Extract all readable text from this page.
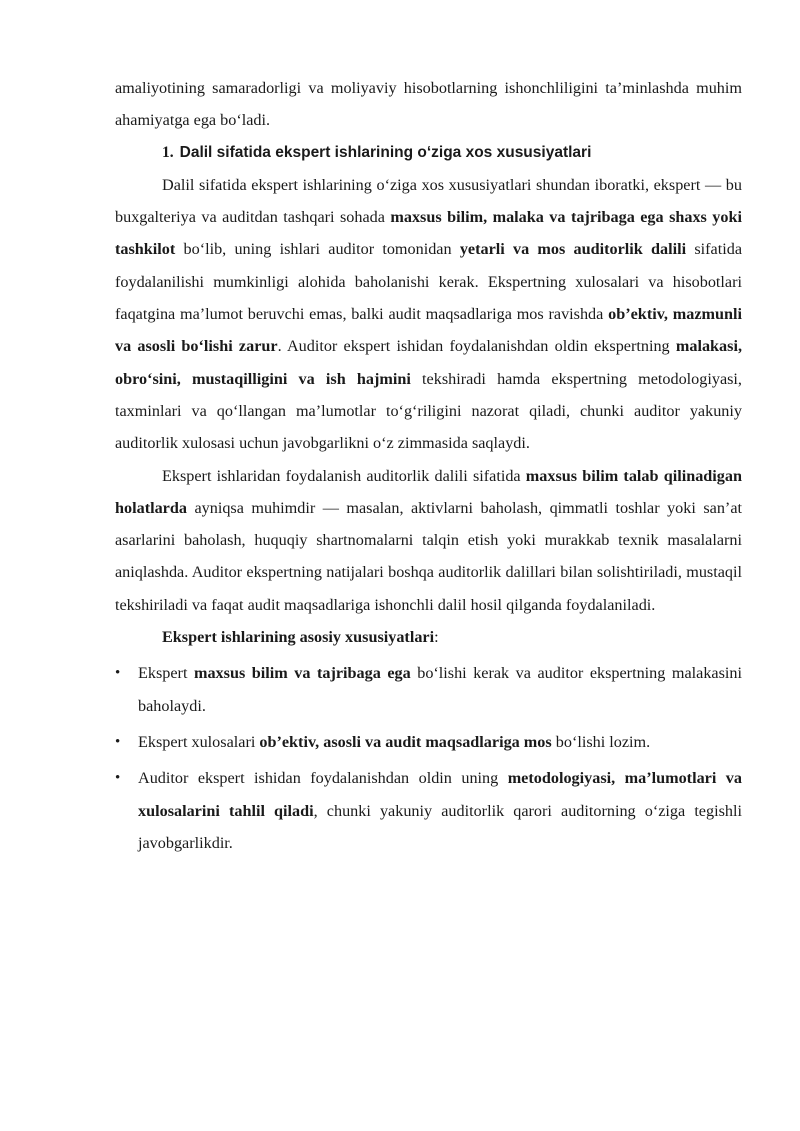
amaliyotining samaradorligi va moliyaviy hisobotlarning ishonchliligini ta’minlashda muhim ahamiyatga ega bo‘ladi.

1. Dalil sifatida ekspert ishlarining o‘ziga xos xususiyatlari

Dalil sifatida ekspert ishlarining o‘ziga xos xususiyatlari shundan iboratki, ekspert — bu buxgalteriya va auditdan tashqari sohada maxsus bilim, malaka va tajribaga ega shaxs yoki tashkilot bo‘lib, uning ishlari auditor tomonidan yetarli va mos auditorlik dalili sifatida foydalanilishi mumkinligi alohida baholanishi kerak. Ekspertning xulosalari va hisobotlari faqatgina ma’lumot beruvchi emas, balki audit maqsadlariga mos ravishda ob’ektiv, mazmunli va asosli bo‘lishi zarur. Auditor ekspert ishidan foydalanishdan oldin ekspertning malakasi, obro‘sini, mustaqilligini va ish hajmini tekshiradi hamda ekspertning metodologiyasi, taxminlari va qo‘llangan ma’lumotlar to‘g‘riligini nazorat qiladi, chunki auditor yakuniy auditorlik xulosasi uchun javobgarlikni o‘z zimmasida saqlaydi.

Ekspert ishlaridan foydalanish auditorlik dalili sifatida maxsus bilim talab qilinadigan holatlarda ayniqsa muhimdir — masalan, aktivlarni baholash, qimmatli toshlar yoki san’at asarlarini baholash, huquqiy shartnomalarni talqin etish yoki murakkab texnik masalalarni aniqlashda. Auditor ekspertning natijalari boshqa auditorlik dalillari bilan solishtiriladi, mustaqil tekshiriladi va faqat audit maqsadlariga ishonchli dalil hosil qilganda foydalaniladi.

Ekspert ishlarining asosiy xususiyatlari:

• Ekspert maxsus bilim va tajribaga ega bo‘lishi kerak va auditor ekspertning malakasini baholaydi.
• Ekspert xulosalari ob’ektiv, asosli va audit maqsadlariga mos bo‘lishi lozim.
• Auditor ekspert ishidan foydalanishdan oldin uning metodologiyasi, ma’lumotlari va xulosalarini tahlil qiladi, chunki yakuniy auditorlik qarori auditorning o‘ziga tegishli javobgarlikdir.
